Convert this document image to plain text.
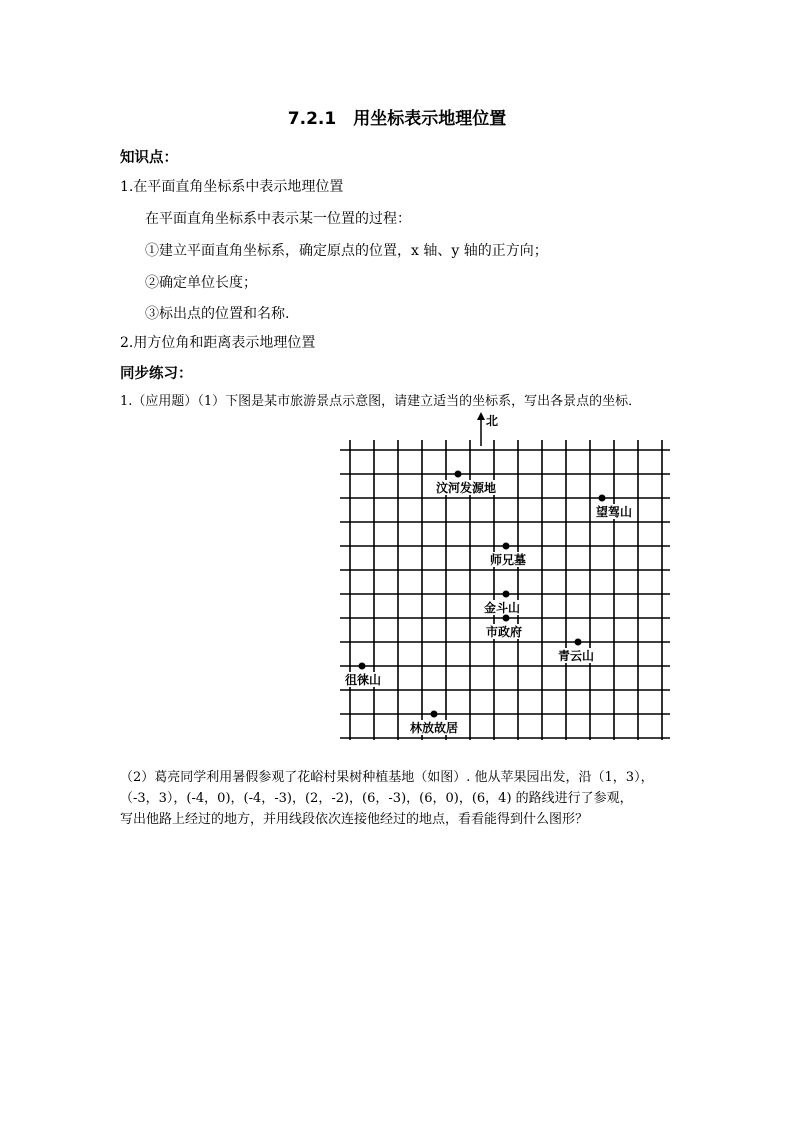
7.2.1　用坐标表示地理位置
知识点：
1.在平面直角坐标系中表示地理位置
在平面直角坐标系中表示某一位置的过程：
①建立平面直角坐标系，确定原点的位置，x 轴、y 轴的正方向；
②确定单位长度；
③标出点的位置和名称.
2.用方位角和距离表示地理位置
同步练习：
1.（应用题）（1）下图是某市旅游景点示意图，请建立适当的坐标系，写出各景点的坐标．
北
汶河发源地
望驾山
师兄墓
金斗山
市政府
青云山
徂徕山
林放故居
（2）葛亮同学利用暑假参观了花峪村果树种植基地（如图）. 他从苹果园出发，沿（1，3），
（-3，3），(-4，0)，(-4，-3)，(2，-2)，(6，-3)，(6，0)，(6，4) 的路线进行了参观，
写出他路上经过的地方，并用线段依次连接他经过的地点，看看能得到什么图形？
